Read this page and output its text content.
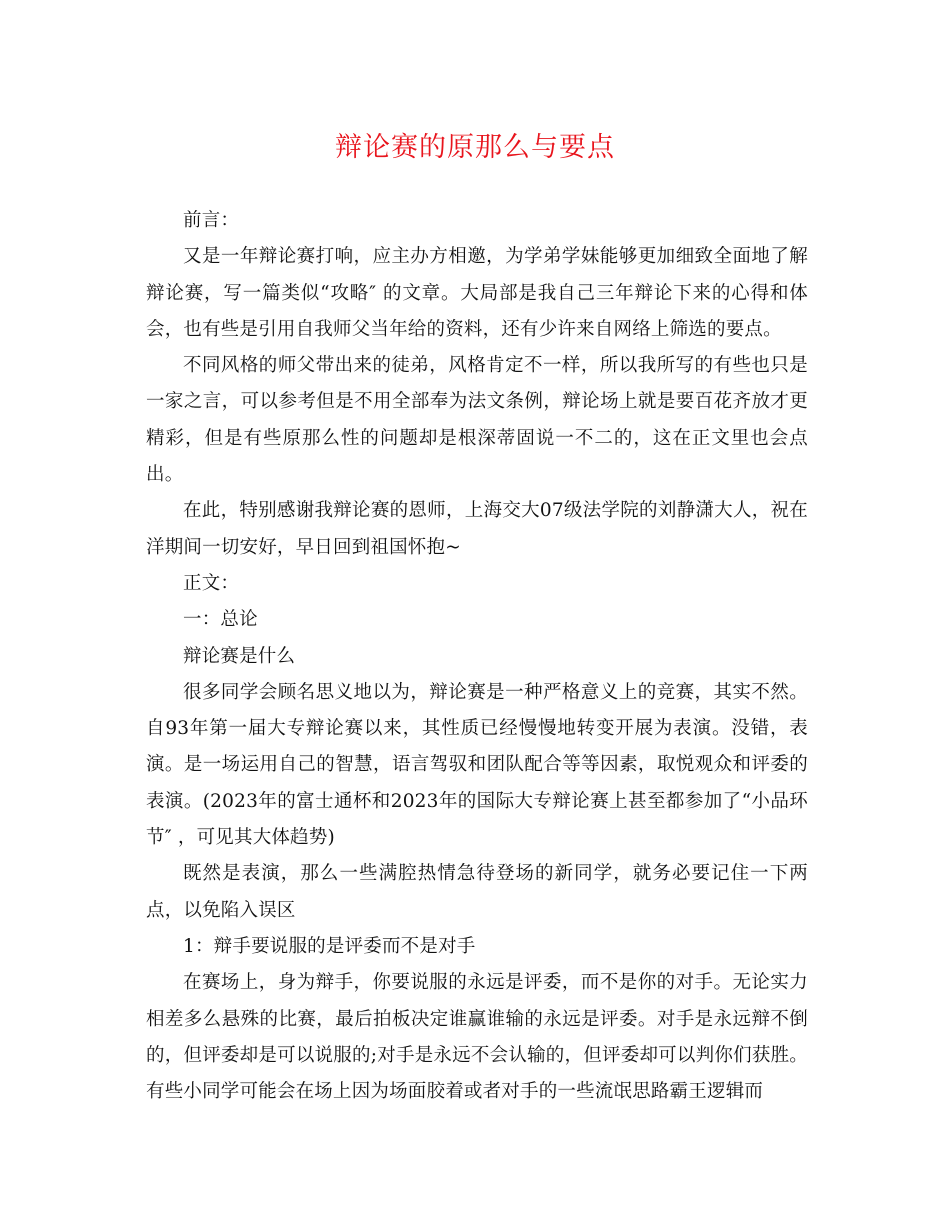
辩论赛的原那么与要点

前言：

又是一年辩论赛打响，应主办方相邀，为学弟学妹能够更加细致全面地了解辩论赛，写一篇类似“攻略″ 的文章。大局部是我自己三年辩论下来的心得和体会，也有些是引用自我师父当年给的资料，还有少许来自网络上筛选的要点。

不同风格的师父带出来的徒弟，风格肯定不一样，所以我所写的有些也只是一家之言，可以参考但是不用全部奉为法文条例，辩论场上就是要百花齐放才更精彩，但是有些原那么性的问题却是根深蒂固说一不二的，这在正文里也会点出。

在此，特别感谢我辩论赛的恩师，上海交大07级法学院的刘静潇大人，祝在洋期间一切安好，早日回到祖国怀抱~

正文：

一：总论

辩论赛是什么

很多同学会顾名思义地以为，辩论赛是一种严格意义上的竞赛，其实不然。自93年第一届大专辩论赛以来，其性质已经慢慢地转变开展为表演。没错，表演。是一场运用自己的智慧，语言驾驭和团队配合等等因素，取悦观众和评委的表演。(2023年的富士通杯和2023年的国际大专辩论赛上甚至都参加了“小品环节″ ，可见其大体趋势)

既然是表演，那么一些满腔热情急待登场的新同学，就务必要记住一下两点，以免陷入误区

1：辩手要说服的是评委而不是对手

在赛场上，身为辩手，你要说服的永远是评委，而不是你的对手。无论实力相差多么悬殊的比赛，最后拍板决定谁赢谁输的永远是评委。对手是永远辩不倒的，但评委却是可以说服的;对手是永远不会认输的，但评委却可以判你们获胜。有些小同学可能会在场上因为场面胶着或者对手的一些流氓思路霸王逻辑而
